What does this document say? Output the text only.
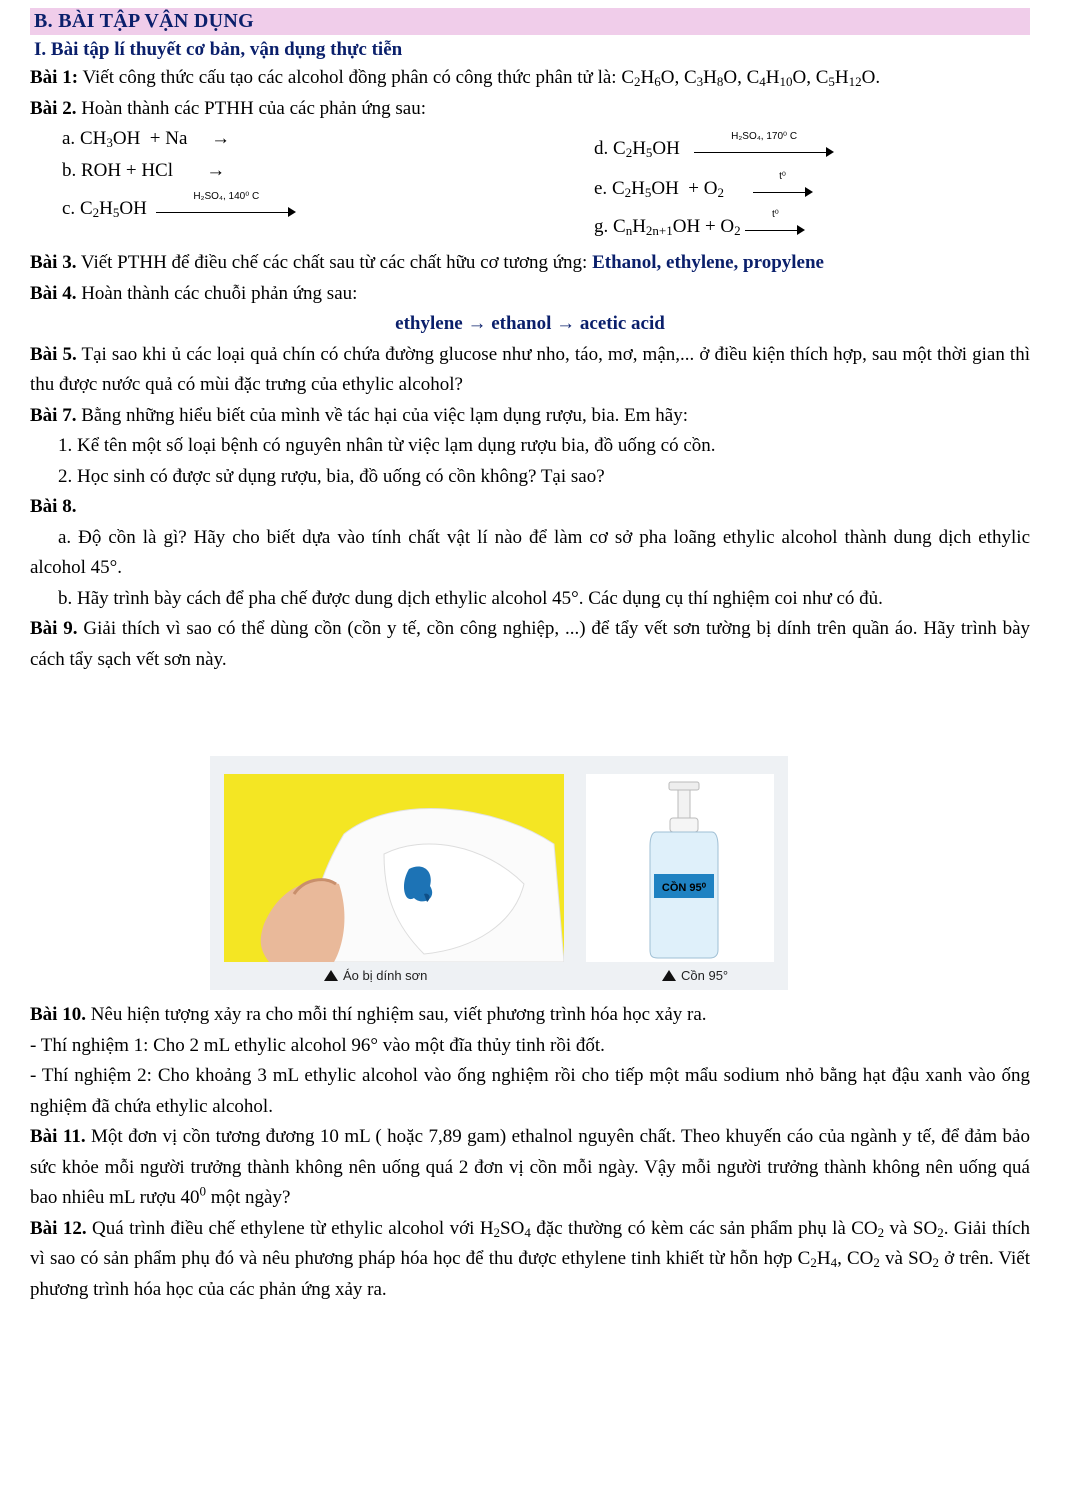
B. BÀI TẬP VẬN DỤNG
I. Bài tập lí thuyết cơ bản, vận dụng thực tiễn

Bài 1: Viết công thức cấu tạo các alcohol đồng phân có công thức phân tử là: $C_2H_6O$, $C_3H_8O$, $C_4H_{10}O$, $C_5H_{12}O$.

Bài 2. Hoàn thành các PTHH của các phản ứng sau:

a. $CH_3OH + Na$     →
b. ROH + HCl       →
c. $C_2H_5OH$
H₂SO₄, 140⁰ C
d. $C_2H_5OH$
H₂SO₄, 170⁰ C
e. $C_2H_5OH + O_2$
t⁰
g. $C_nH_{2n+1}OH + O_2$
t⁰

Bài 3. Viết PTHH để điều chế các chất sau từ các chất hữu cơ tương ứng: Ethanol, ethylene, propylene

Bài 4. Hoàn thành các chuỗi phản ứng sau:

ethylene → ethanol → acetic acid

Bài 5. Tại sao khi ủ các loại quả chín có chứa đường glucose như nho, táo, mơ, mận,... ở điều kiện thích hợp, sau một thời gian thì thu được nước quả có mùi đặc trưng của ethylic alcohol?

Bài 7. Bằng những hiểu biết của mình về tác hại của việc lạm dụng rượu, bia. Em hãy:

1. Kể tên một số loại bệnh có nguyên nhân từ việc lạm dụng rượu bia, đồ uống có cồn.

2. Học sinh có được sử dụng rượu, bia, đồ uống có cồn không? Tại sao?

Bài 8.

a. Độ cồn là gì? Hãy cho biết dựa vào tính chất vật lí nào để làm cơ sở pha loãng ethylic alcohol thành dung dịch ethylic alcohol 45°.

b. Hãy trình bày cách để pha chế được dung dịch ethylic alcohol 45°. Các dụng cụ thí nghiệm coi như có đủ.

Bài 9. Giải thích vì sao có thể dùng cồn (cồn y tế, cồn công nghiệp, ...) để tẩy vết sơn tường bị dính trên quần áo. Hãy trình bày cách tẩy sạch vết sơn này.

CỒN 95⁰
Áo bị dính sơn	Cồn 95°

Bài 10. Nêu hiện tượng xảy ra cho mỗi thí nghiệm sau, viết phương trình hóa học xảy ra.

- Thí nghiệm 1: Cho 2 mL ethylic alcohol 96° vào một đĩa thủy tinh rồi đốt.

- Thí nghiệm 2: Cho khoảng 3 mL ethylic alcohol vào ống nghiệm rồi cho tiếp một mẩu sodium nhỏ bằng hạt đậu xanh vào ống nghiệm đã chứa ethylic alcohol.

Bài 11. Một đơn vị cồn tương đương 10 mL ( hoặc 7,89 gam) ethalnol nguyên chất. Theo khuyến cáo của ngành y tế, để đảm bảo sức khỏe mỗi người trưởng thành không nên uống quá 2 đơn vị cồn mỗi ngày. Vậy mỗi người trưởng thành không nên uống quá bao nhiêu mL rượu $40^0$ một ngày?

Bài 12. Quá trình điều chế ethylene từ ethylic alcohol với $H_2SO_4$ đặc thường có kèm các sản phẩm phụ là $CO_2$ và $SO_2$. Giải thích vì sao có sản phẩm phụ đó và nêu phương pháp hóa học để thu được ethylene tinh khiết từ hỗn hợp $C_2H_4$, $CO_2$ và $SO_2$ ở trên. Viết phương trình hóa học của các phản ứng xảy ra.
